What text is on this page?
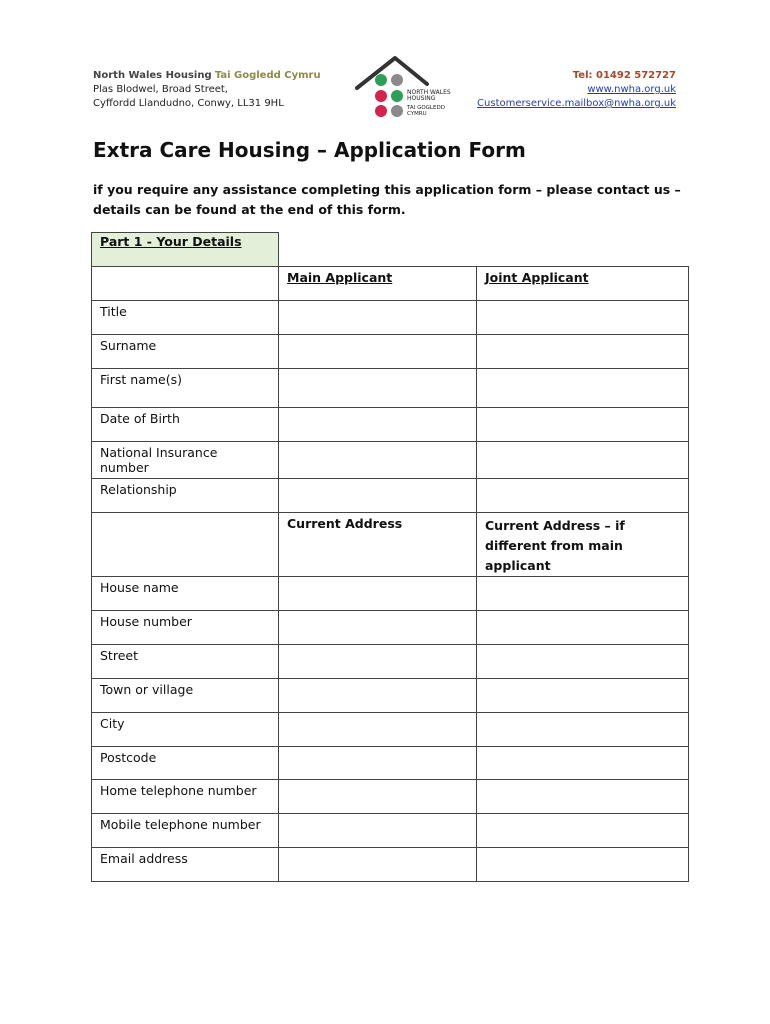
North Wales Housing Tai Gogledd Cymru
Plas Blodwel, Broad Street,
Cyffordd Llandudno, Conwy, LL31 9HL
NORTH WALES
HOUSING
TAI GOGLEDD
CYMRU
Tel: 01492 572727
www.nwha.org.uk
Customerservice.mailbox@nwha.org.uk
Extra Care Housing – Application Form
if you require any assistance completing this application form – please contact us – details can be found at the end of this form.
Part 1 - Your Details		

	Main Applicant	Joint Applicant

Title		

Surname		

First name(s)		

Date of Birth		

National Insurance number		

Relationship		

	Current Address	Current Address – if different from main applicant

House name		

House number		

Street		

Town or village		

City		

Postcode		

Home telephone number		

Mobile telephone number		

Email address		
